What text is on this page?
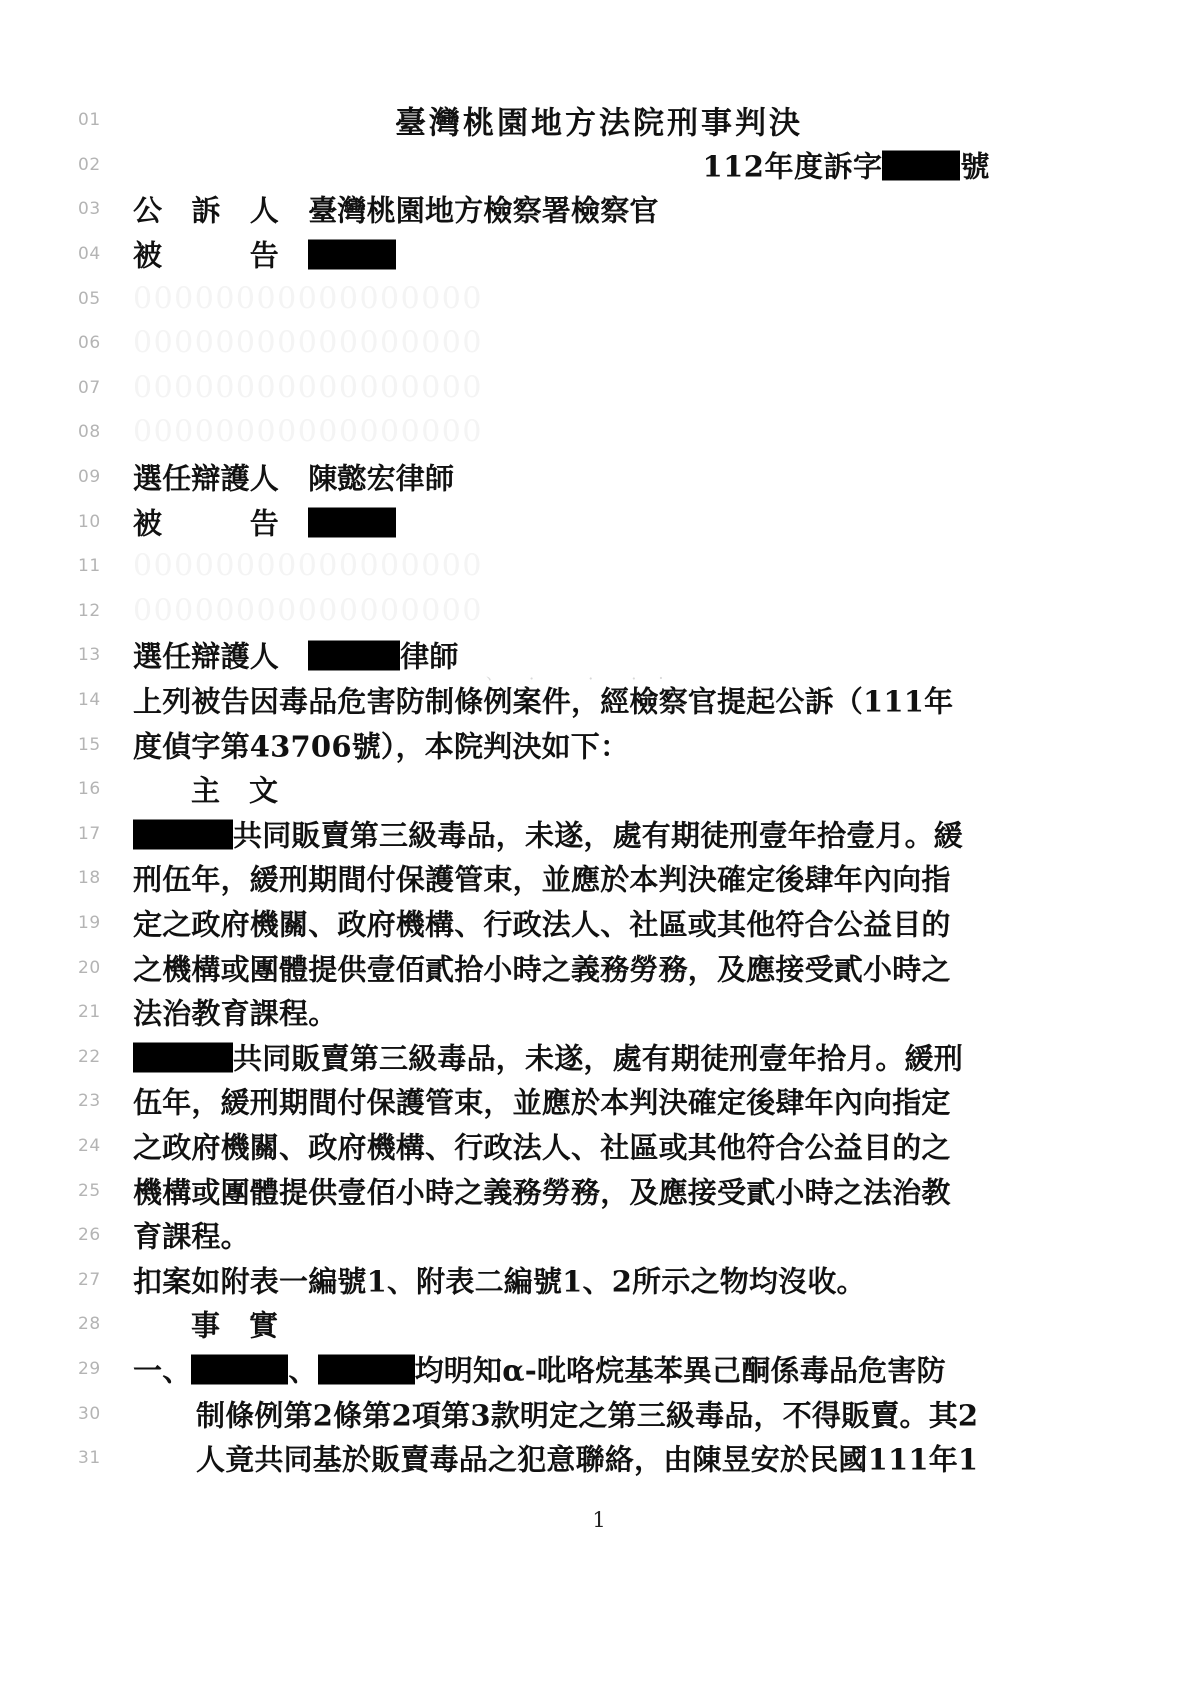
01	臺灣桃園地方法院刑事判決
02	112年度訴字	號
03	公　訴　人　臺灣桃園地方檢察署檢察官
04	被　　　告　
05	00000000000000000
06	00000000000000000
07	00000000000000000
08	00000000000000000
09	選任辯護人　陳懿宏律師
10	被　　　告　
11	00000000000000000
12	00000000000000000
13	選任辯護人　	律師 、 ．  ． ．.
14	上列被告因毒品危害防制條例案件，經檢察官提起公訴（111年
15	度偵字第43706號），本院判決如下：
16	　　主　文
17	共同販賣第三級毒品，未遂，處有期徒刑壹年拾壹月。緩
18	刑伍年，緩刑期間付保護管束，並應於本判決確定後肆年內向指
19	定之政府機關、政府機構、行政法人、社區或其他符合公益目的
20	之機構或團體提供壹佰貳拾小時之義務勞務，及應接受貳小時之
21	法治教育課程。
22	共同販賣第三級毒品，未遂，處有期徒刑壹年拾月。緩刑
23	伍年，緩刑期間付保護管束，並應於本判決確定後肆年內向指定
24	之政府機關、政府機構、行政法人、社區或其他符合公益目的之
25	機構或團體提供壹佰小時之義務勞務，及應接受貳小時之法治教
26	育課程。
27	扣案如附表一編號1、附表二編號1、2所示之物均沒收。
28	　　事　實
29	一、	、	均明知α-吡咯烷基苯異己酮係毒品危害防
30	制條例第2條第2項第3款明定之第三級毒品，不得販賣。其2
31	人竟共同基於販賣毒品之犯意聯絡，由陳昱安於民國111年1
1
